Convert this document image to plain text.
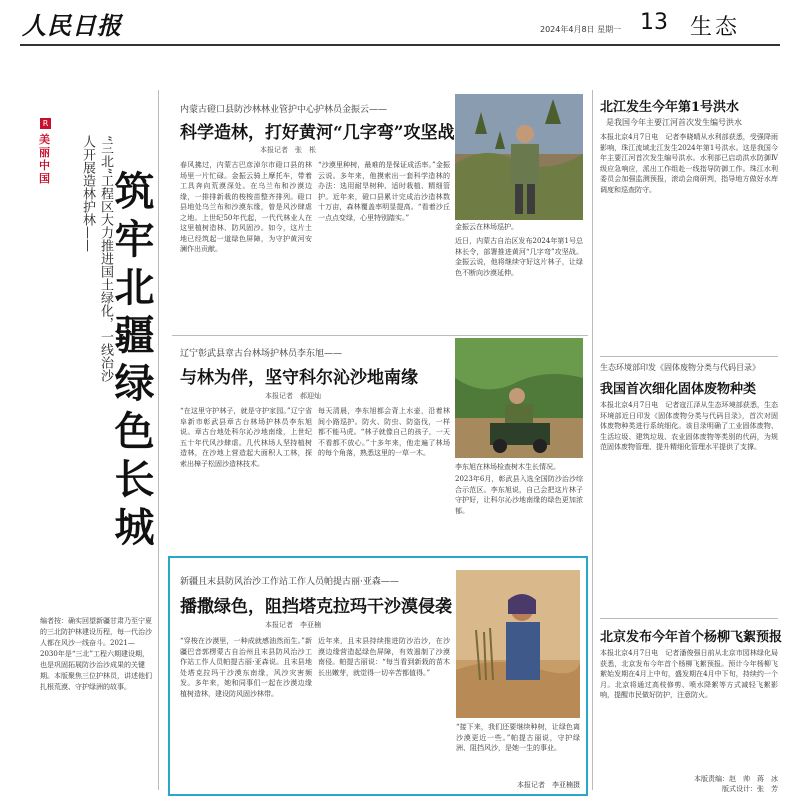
人民日报	2024年4月8日 星期一 13 生态
R
美丽中国	“三北”工程区大力推进国土绿化，一线治沙人开展造林护林—— 筑牢北疆绿色长城
编者按：确实回望新疆甘肃乃至宁夏的三北防护林建设历程，每一代治沙人都在风沙一线奋斗。2021—2030年是“三北”工程六期建设期，也是巩固拓展防沙治沙成果的关键期。本版聚焦三位护林员，讲述他们扎根荒漠、守护绿洲的故事。
内蒙古磴口县防沙林林业管护中心护林员金振云——
科学造林，打好黄河“几字弯”攻坚战
本报记者　张　枨
春风拂过，内蒙古巴彦淖尔市磴口县的林场里一片忙碌。金振云骑上摩托车，带着工具奔向荒漠深处。在乌兰布和沙漠边缘，一排排新栽的梭梭苗整齐排列。磴口县地处乌兰布和沙漠东缘，曾是风沙肆虐之地。上世纪50年代起，一代代林业人在这里植树造林、防风固沙。如今，这片土地已经筑起一道绿色屏障，为守护黄河安澜作出贡献。
“沙漠里种树，最难的是保证成活率。”金振云说。多年来，他摸索出一套科学造林的办法：选用耐旱树种、适时栽植、精细管护。近年来，磴口县累计完成治沙造林数十万亩，森林覆盖率明显提高。“看着沙丘一点点变绿，心里特别踏实。”
金振云在林场巡护。
近日，内蒙古自治区发布2024年第1号总林长令，部署推进黄河“几字弯”攻坚战。金振云说，他将继续守好这片林子，让绿色不断向沙漠延伸。
辽宁彰武县章古台林场护林员李东旭——
与林为伴，坚守科尔沁沙地南缘
本报记者　郝迎灿
“在这里守护林子，就是守护家园。”辽宁省阜新市彰武县章古台林场护林员李东旭说。章古台地处科尔沁沙地南缘，上世纪五十年代风沙肆虐。几代林场人坚持植树造林，在沙地上营造起大面积人工林，探索出樟子松固沙造林技术。
每天清晨，李东旭都会背上水壶，沿着林间小路巡护。防火、防虫、防盗伐，一样都不能马虎。“林子就像自己的孩子，一天不看都不放心。”十多年来，他走遍了林场的每个角落，熟悉这里的一草一木。
李东旭在林场检查树木生长情况。
2023年6月，彰武县入选全国防沙治沙综合示范区。李东旭说，自己会把这片林子守护好，让科尔沁沙地南缘的绿色更加浓郁。
新疆且末县防风治沙工作站工作人员帕提古丽·亚森——
播撒绿色，阻挡塔克拉玛干沙漠侵袭
本报记者　李亚楠
“穿梭在沙漠里，一种成就感油然而生。”新疆巴音郭楞蒙古自治州且末县防风治沙工作站工作人员帕提古丽·亚森说。且末县地处塔克拉玛干沙漠东南缘，风沙灾害频发。多年来，她和同事们一起在沙漠边缘植树造林，建设防风固沙林带。
近年来，且末县持续推进防沙治沙，在沙漠边缘营造起绿色屏障，有效遏制了沙漠南侵。帕提古丽说：“每当看到新栽的苗木长出嫩芽，就觉得一切辛苦都值得。”
“接下来，我们还要继续种树，让绿色离沙漠更近一些。”帕提古丽说，守护绿洲、阻挡风沙，是她一生的事业。
本报记者　李亚楠摄
北江发生今年第1号洪水
是我国今年主要江河首次发生编号洪水
本报北京4月7日电　记者李晓晴从水利部获悉，受强降雨影响，珠江流域北江发生2024年第1号洪水。这是我国今年主要江河首次发生编号洪水。水利部已启动洪水防御Ⅳ级应急响应，派出工作组赴一线指导防御工作。珠江水利委员会加强监测预报，滚动会商研判，指导地方做好水库调度和巡查防守。
生态环境部印发《固体废物分类与代码目录》
我国首次细化固体废物种类
本报北京4月7日电　记者寇江泽从生态环境部获悉，生态环境部近日印发《固体废物分类与代码目录》，首次对固体废物种类进行系统细化。该目录明确了工业固体废物、生活垃圾、建筑垃圾、农业固体废物等类别的代码，为规范固体废物管理、提升精细化管理水平提供了支撑。
北京发布今年首个杨柳飞絮预报
本报北京4月7日电　记者潘俊强日前从北京市园林绿化局获悉，北京发布今年首个杨柳飞絮预报。预计今年杨柳飞絮始发期在4月上中旬，盛发期在4月中下旬，持续约一个月。北京将通过高枝修剪、喷水降絮等方式减轻飞絮影响，提醒市民做好防护，注意防火。
本版责编：赵　帅　蒋　冰
版式设计：张　芳
